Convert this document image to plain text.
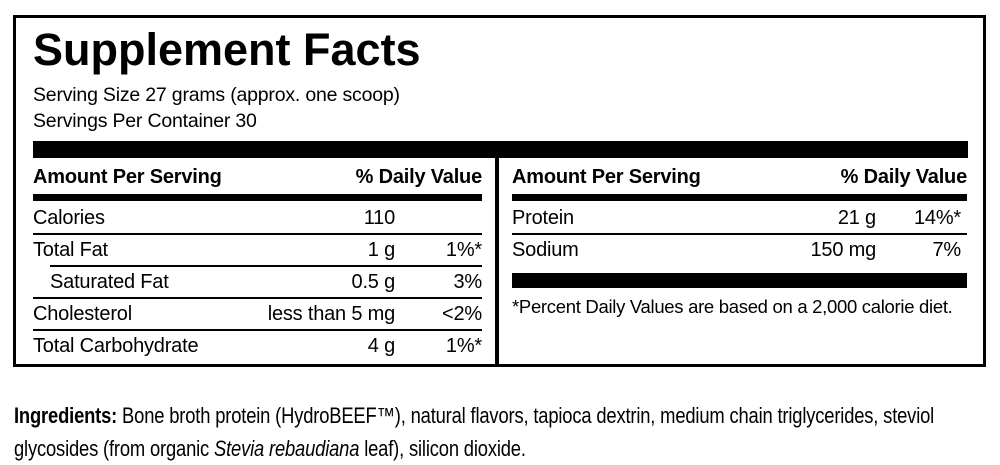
Supplement Facts
Serving Size 27 grams (approx. one scoop)
Servings Per Container 30
Amount Per Serving	% Daily Value
Calories	110
Total Fat	1 g	1%*
Saturated Fat	0.5 g	3%
Cholesterol	less than 5 mg	<2%
Total Carbohydrate	4 g	1%*
Amount Per Serving	% Daily Value
Protein	21 g	14%*
Sodium	150 mg	7%
*Percent Daily Values are based on a 2,000 calorie diet.

Ingredients: Bone broth protein (HydroBEEF™), natural flavors, tapioca dextrin, medium chain triglycerides, steviol
glycosides (from organic Stevia rebaudiana leaf), silicon dioxide.
